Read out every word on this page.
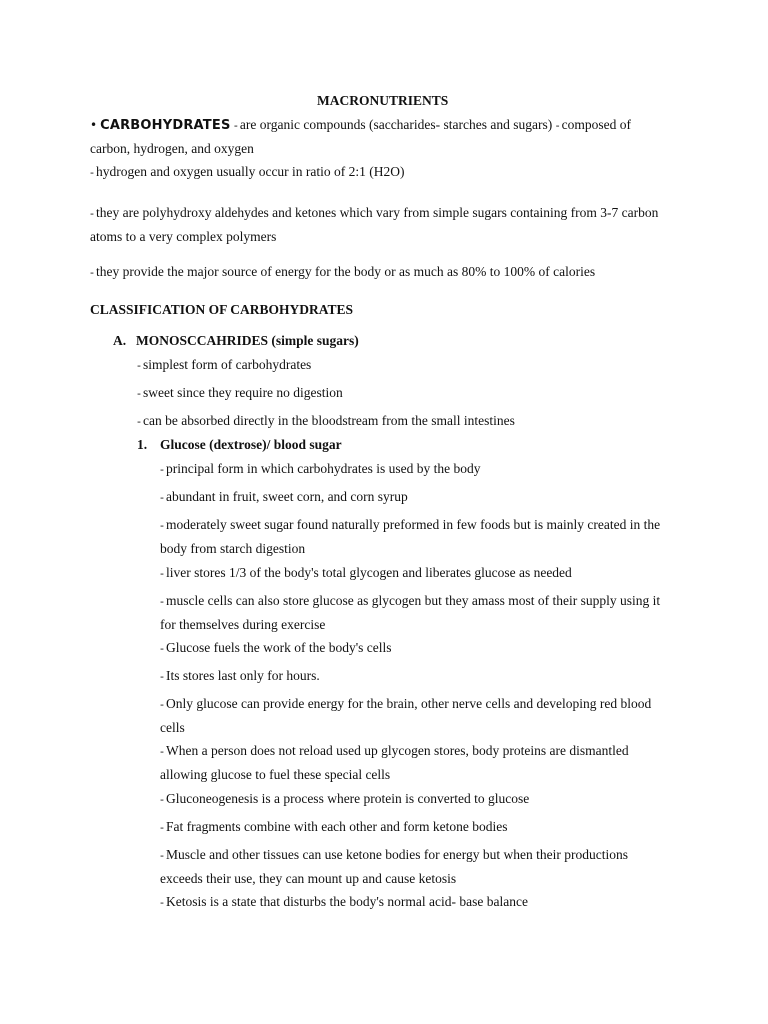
MACRONUTRIENTS
• CARBOHYDRATES - are organic compounds (saccharides- starches and sugars) - composed of
carbon, hydrogen, and oxygen
- hydrogen and oxygen usually occur in ratio of 2:1 (H2O)
- they are polyhydroxy aldehydes and ketones which vary from simple sugars containing from 3-7 carbon
atoms to a very complex polymers
- they provide the major source of energy for the body or as much as 80% to 100% of calories
CLASSIFICATION OF CARBOHYDRATES
A. MONOSCCAHRIDES (simple sugars)
- simplest form of carbohydrates
- sweet since they require no digestion
- can be absorbed directly in the bloodstream from the small intestines
1. Glucose (dextrose)/ blood sugar
- principal form in which carbohydrates is used by the body
- abundant in fruit, sweet corn, and corn syrup
- moderately sweet sugar found naturally preformed in few foods but is mainly created in the
body from starch digestion
- liver stores 1/3 of the body's total glycogen and liberates glucose as needed
- muscle cells can also store glucose as glycogen but they amass most of their supply using it
for themselves during exercise
- Glucose fuels the work of the body's cells
- Its stores last only for hours.
- Only glucose can provide energy for the brain, other nerve cells and developing red blood
cells
- When a person does not reload used up glycogen stores, body proteins are dismantled
allowing glucose to fuel these special cells
- Gluconeogenesis is a process where protein is converted to glucose
- Fat fragments combine with each other and form ketone bodies
- Muscle and other tissues can use ketone bodies for energy but when their productions
exceeds their use, they can mount up and cause ketosis
- Ketosis is a state that disturbs the body's normal acid- base balance
